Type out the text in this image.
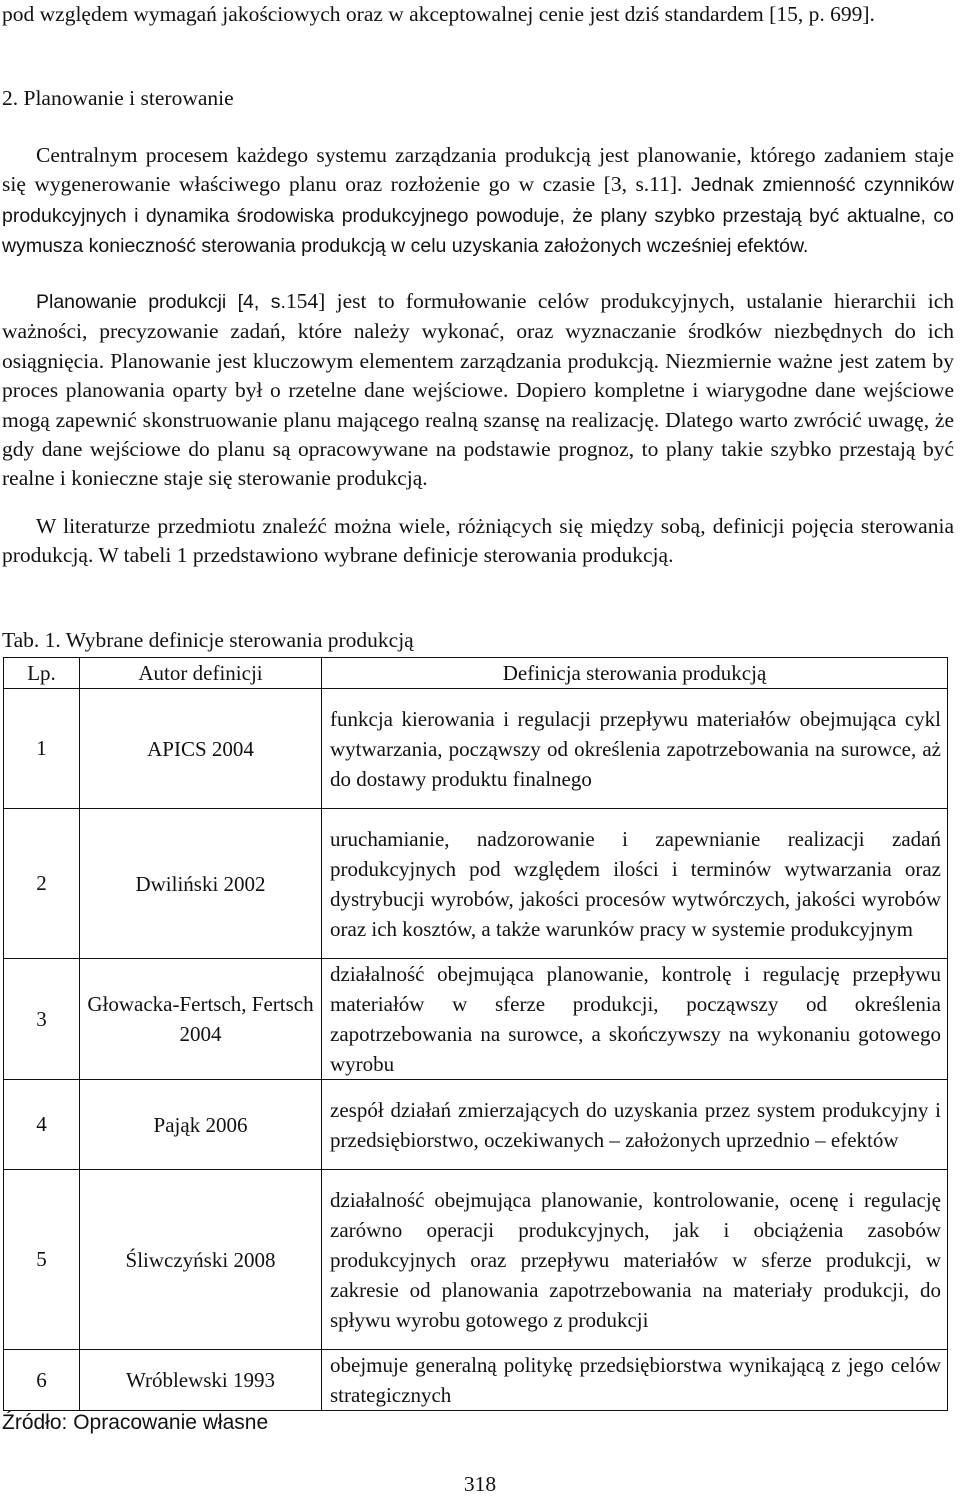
pod względem wymagań jakościowych oraz w akceptowalnej cenie jest dziś standardem [15, p. 699].
2. Planowanie i sterowanie
Centralnym procesem każdego systemu zarządzania produkcją jest planowanie, którego zadaniem staje się wygenerowanie właściwego planu oraz rozłożenie go w czasie [3, s.11]. Jednak zmienność czynników produkcyjnych i dynamika środowiska produkcyjnego powoduje, że plany szybko przestają być aktualne, co wymusza konieczność sterowania produkcją w celu uzyskania założonych wcześniej efektów.
Planowanie produkcji [4, s.154] jest to formułowanie celów produkcyjnych, ustalanie hierarchii ich ważności, precyzowanie zadań, które należy wykonać, oraz wyznaczanie środków niezbędnych do ich osiągnięcia. Planowanie jest kluczowym elementem zarządzania produkcją. Niezmiernie ważne jest zatem by proces planowania oparty był o rzetelne dane wejściowe. Dopiero kompletne i wiarygodne dane wejściowe mogą zapewnić skonstruowanie planu mającego realną szansę na realizację. Dlatego warto zwrócić uwagę, że gdy dane wejściowe do planu są opracowywane na podstawie prognoz, to plany takie szybko przestają być realne i konieczne staje się sterowanie produkcją.
W literaturze przedmiotu znaleźć można wiele, różniących się między sobą, definicji pojęcia sterowania produkcją. W tabeli 1 przedstawiono wybrane definicje sterowania produkcją.
Tab. 1. Wybrane definicje sterowania produkcją
Lp.	Autor definicji	Definicja sterowania produkcją
1	APICS 2004	funkcja kierowania i regulacji przepływu materiałów obejmująca cykl wytwarzania, począwszy od określenia zapotrzebowania na surowce, aż do dostawy produktu finalnego
2	Dwiliński 2002	uruchamianie, nadzorowanie i zapewnianie realizacji zadań produkcyjnych pod względem ilości i terminów wytwarzania oraz dystrybucji wyrobów, jakości procesów wytwórczych, jakości wyrobów oraz ich kosztów, a także warunków pracy w systemie produkcyjnym
3	Głowacka-Fertsch, Fertsch 2004	działalność obejmująca planowanie, kontrolę i regulację przepływu materiałów w sferze produkcji, począwszy od określenia zapotrzebowania na surowce, a skończywszy na wykonaniu gotowego wyrobu
4	Pająk 2006	zespół działań zmierzających do uzyskania przez system produkcyjny i przedsiębiorstwo, oczekiwanych – założonych uprzednio – efektów
5	Śliwczyński 2008	działalność obejmująca planowanie, kontrolowanie, ocenę i regulację zarówno operacji produkcyjnych, jak i obciążenia zasobów produkcyjnych oraz przepływu materiałów w sferze produkcji, w zakresie od planowania zapotrzebowania na materiały produkcji, do spływu wyrobu gotowego z produkcji
6	Wróblewski 1993	obejmuje generalną politykę przedsiębiorstwa wynikającą z jego celów strategicznych
Źródło: Opracowanie własne
318
